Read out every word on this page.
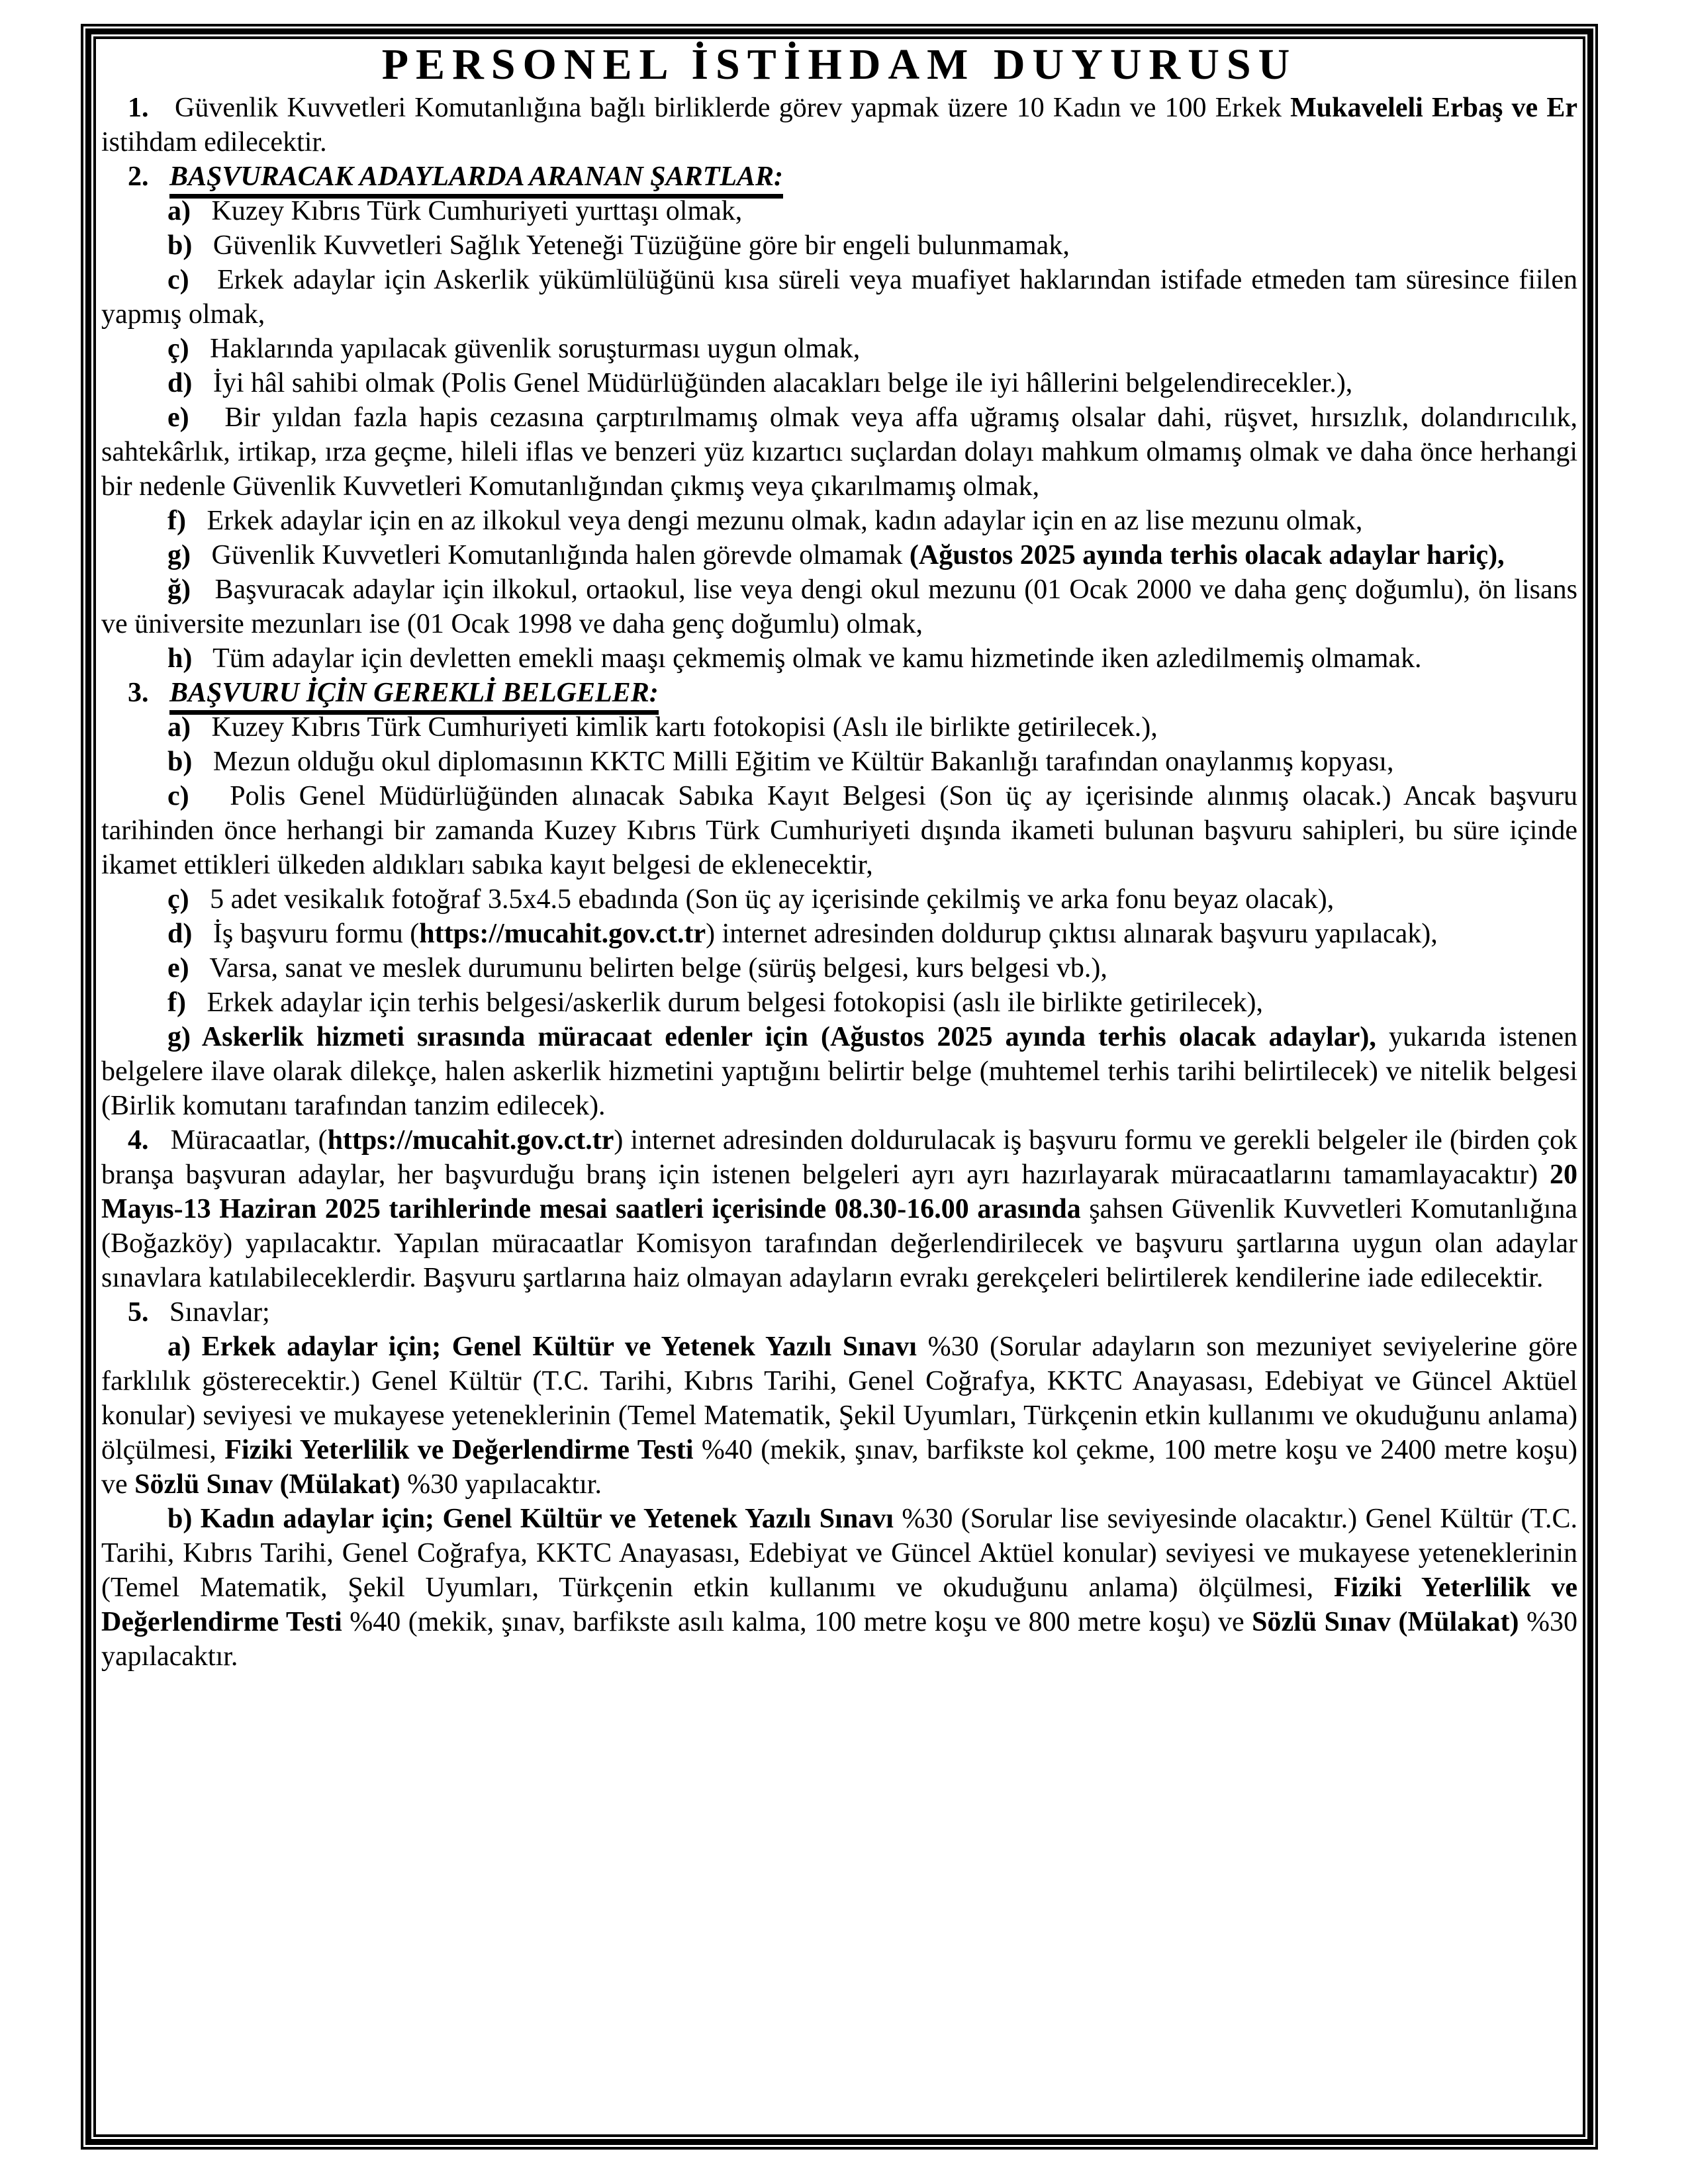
PERSONEL İSTİHDAM DUYURUSU

1.   Güvenlik Kuvvetleri Komutanlığına bağlı birliklerde görev yapmak üzere 10 Kadın ve 100 Erkek Mukaveleli Erbaş ve Er istihdam edilecektir.

2. BAŞVURACAK ADAYLARDA ARANAN ŞARTLAR:

a)   Kuzey Kıbrıs Türk Cumhuriyeti yurttaşı olmak,

b)   Güvenlik Kuvvetleri Sağlık Yeteneği Tüzüğüne göre bir engeli bulunmamak,

c)   Erkek adaylar için Askerlik yükümlülüğünü kısa süreli veya muafiyet haklarından istifade etmeden tam süresince fiilen yapmış olmak,

ç)   Haklarında yapılacak güvenlik soruşturması uygun olmak,

d)   İyi hâl sahibi olmak (Polis Genel Müdürlüğünden alacakları belge ile iyi hâllerini belgelendirecekler.),

e)   Bir yıldan fazla hapis cezasına çarptırılmamış olmak veya affa uğramış olsalar dahi, rüşvet, hırsızlık, dolandırıcılık, sahtekârlık, irtikap, ırza geçme, hileli iflas ve benzeri yüz kızartıcı suçlardan dolayı mahkum olmamış olmak ve daha önce herhangi bir nedenle Güvenlik Kuvvetleri Komutanlığından çıkmış veya çıkarılmamış olmak,

f)   Erkek adaylar için en az ilkokul veya dengi mezunu olmak, kadın adaylar için en az lise mezunu olmak,

g)   Güvenlik Kuvvetleri Komutanlığında halen görevde olmamak (Ağustos 2025 ayında terhis olacak adaylar hariç),

ğ)   Başvuracak adaylar için ilkokul, ortaokul, lise veya dengi okul mezunu (01 Ocak 2000 ve daha genç doğumlu), ön lisans ve üniversite mezunları ise (01 Ocak 1998 ve daha genç doğumlu) olmak,

h)   Tüm adaylar için devletten emekli maaşı çekmemiş olmak ve kamu hizmetinde iken azledilmemiş olmamak.

3. BAŞVURU İÇİN GEREKLİ BELGELER:

a)   Kuzey Kıbrıs Türk Cumhuriyeti kimlik kartı fotokopisi (Aslı ile birlikte getirilecek.),

b)   Mezun olduğu okul diplomasının KKTC Milli Eğitim ve Kültür Bakanlığı tarafından onaylanmış kopyası,

c)   Polis Genel Müdürlüğünden alınacak Sabıka Kayıt Belgesi (Son üç ay içerisinde alınmış olacak.) Ancak başvuru tarihinden önce herhangi bir zamanda Kuzey Kıbrıs Türk Cumhuriyeti dışında ikameti bulunan başvuru sahipleri, bu süre içinde ikamet ettikleri ülkeden aldıkları sabıka kayıt belgesi de eklenecektir,

ç)   5 adet vesikalık fotoğraf 3.5x4.5 ebadında (Son üç ay içerisinde çekilmiş ve arka fonu beyaz olacak),

d)   İş başvuru formu (https://mucahit.gov.ct.tr) internet adresinden doldurup çıktısı alınarak başvuru yapılacak),

e)   Varsa, sanat ve meslek durumunu belirten belge (sürüş belgesi, kurs belgesi vb.),

f)   Erkek adaylar için terhis belgesi/askerlik durum belgesi fotokopisi (aslı ile birlikte getirilecek),

g) Askerlik hizmeti sırasında müracaat edenler için (Ağustos 2025 ayında terhis olacak adaylar), yukarıda istenen belgelere ilave olarak dilekçe, halen askerlik hizmetini yaptığını belirtir belge (muhtemel terhis tarihi belirtilecek) ve nitelik belgesi (Birlik komutanı tarafından tanzim edilecek).

4.   Müracaatlar, (https://mucahit.gov.ct.tr) internet adresinden doldurulacak iş başvuru formu ve gerekli belgeler ile (birden çok branşa başvuran adaylar, her başvurduğu branş için istenen belgeleri ayrı ayrı hazırlayarak müracaatlarını tamamlayacaktır) 20 Mayıs-13 Haziran 2025 tarihlerinde mesai saatleri içerisinde 08.30-16.00 arasında şahsen Güvenlik Kuvvetleri Komutanlığına (Boğazköy) yapılacaktır. Yapılan müracaatlar Komisyon tarafından değerlendirilecek ve başvuru şartlarına uygun olan adaylar sınavlara katılabileceklerdir. Başvuru şartlarına haiz olmayan adayların evrakı gerekçeleri belirtilerek kendilerine iade edilecektir.

5.   Sınavlar;

a) Erkek adaylar için; Genel Kültür ve Yetenek Yazılı Sınavı %30 (Sorular adayların son mezuniyet seviyelerine göre farklılık gösterecektir.) Genel Kültür (T.C. Tarihi, Kıbrıs Tarihi, Genel Coğrafya, KKTC Anayasası, Edebiyat ve Güncel Aktüel konular) seviyesi ve mukayese yeteneklerinin (Temel Matematik, Şekil Uyumları, Türkçenin etkin kullanımı ve okuduğunu anlama) ölçülmesi, Fiziki Yeterlilik ve Değerlendirme Testi %40 (mekik, şınav, barfikste kol çekme, 100 metre koşu ve 2400 metre koşu) ve Sözlü Sınav (Mülakat) %30 yapılacaktır.

b) Kadın adaylar için; Genel Kültür ve Yetenek Yazılı Sınavı %30 (Sorular lise seviyesinde olacaktır.) Genel Kültür (T.C. Tarihi, Kıbrıs Tarihi, Genel Coğrafya, KKTC Anayasası, Edebiyat ve Güncel Aktüel konular) seviyesi ve mukayese yeteneklerinin (Temel Matematik, Şekil Uyumları, Türkçenin etkin kullanımı ve okuduğunu anlama) ölçülmesi, Fiziki Yeterlilik ve Değerlendirme Testi %40 (mekik, şınav, barfikste asılı kalma, 100 metre koşu ve 800 metre koşu) ve Sözlü Sınav (Mülakat) %30 yapılacaktır.
